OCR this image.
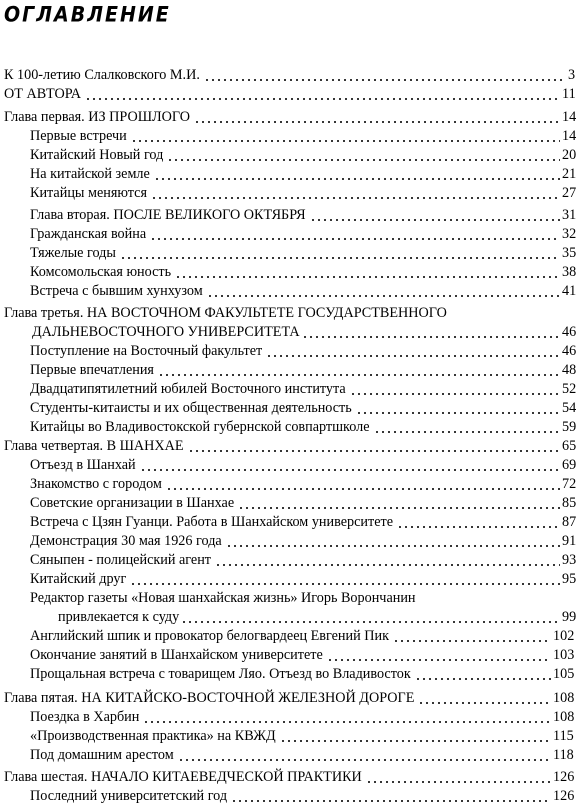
ОГЛАВЛЕНИЕ
К 100-летию Слалковского М.И.	3
ОТ АВТОРА	11
Глава первая. ИЗ ПРОШЛОГО	14
Первые встречи	14
Китайский Новый год	20
На китайской земле	21
Китайцы меняются	27
Глава вторая. ПОСЛЕ ВЕЛИКОГО ОКТЯБРЯ	31
Гражданская война	32
Тяжелые годы	35
Комсомольская юность	38
Встреча с бывшим хунхузом	41
Глава третья. НА ВОСТОЧНОМ ФАКУЛЬТЕТЕ ГОСУДАРСТВЕННОГО
ДАЛЬНЕВОСТОЧНОГО УНИВЕРСИТЕТА	46
Поступление на Восточный факультет	46
Первые впечатления	48
Двадцатипятилетний юбилей Восточного института	52
Студенты-китаисты и их общественная деятельность	54
Китайцы во Владивостокской губернской совпартшколе	59
Глава четвертая. В ШАНХАЕ	65
Отъезд в Шанхай	69
Знакомство с городом	72
Советские организации в Шанхае	85
Встреча с Цзян Гуанци. Работа в Шанхайском университете	87
Демонстрация 30 мая 1926 года	91
Сяныпен - полицейский агент	93
Китайский друг	95
Редактор газеты «Новая шанхайская жизнь» Игорь Ворончанин
привлекается к суду	99
Английский шпик и провокатор белогвардеец Евгений Пик	102
Окончание занятий в Шанхайском университете	103
Прощальная встреча с товарищем Ляо. Отъезд во Владивосток	105
Глава пятая. НА КИТАЙСКО-ВОСТОЧНОЙ ЖЕЛЕЗНОЙ ДОРОГЕ	108
Поездка в Харбин	108
«Производственная практика» на КВЖД	115
Под домашним арестом	118
Глава шестая. НАЧАЛО КИТАЕВЕДЧЕСКОЙ ПРАКТИКИ	126
Последний университетский год	126
